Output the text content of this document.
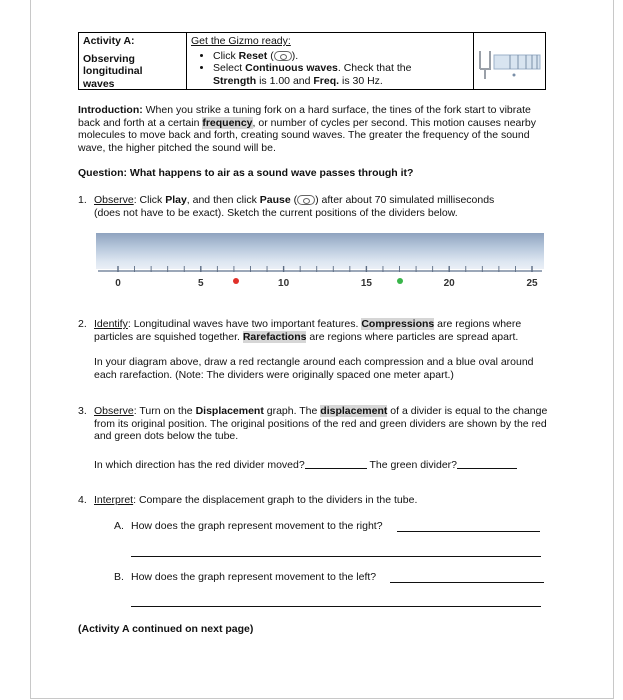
Activity A:
Observing
longitudinal
waves
Get the Gizmo ready:
• Click Reset ( ).
• Select Continuous waves. Check that the
Strength is 1.00 and Freq. is 30 Hz.
Introduction: When you strike a tuning fork on a hard surface, the tines of the fork start to vibrate back and forth at a certain frequency, or number of cycles per second. This motion causes nearby molecules to move back and forth, creating sound waves. The greater the frequency of the sound wave, the higher pitched the sound will be.
Question: What happens to air as a sound wave passes through it?
1. Observe: Click Play, and then click Pause ( ) after about 70 simulated milliseconds
(does not have to be exact). Sketch the current positions of the dividers below.
0	5	10	15	20	25
2. Identify: Longitudinal waves have two important features. Compressions are regions where particles are squished together. Rarefactions are regions where particles are spread apart.
In your diagram above, draw a red rectangle around each compression and a blue oval around each rarefaction. (Note: The dividers were originally spaced one meter apart.)
3. Observe: Turn on the Displacement graph. The displacement of a divider is equal to the change from its original position. The original positions of the red and green dividers are shown by the red and green dots below the tube.
In which direction has the red divider moved?	The green divider?
4. Interpret: Compare the displacement graph to the dividers in the tube.
A. How does the graph represent movement to the right?
B. How does the graph represent movement to the left?
(Activity A continued on next page)
